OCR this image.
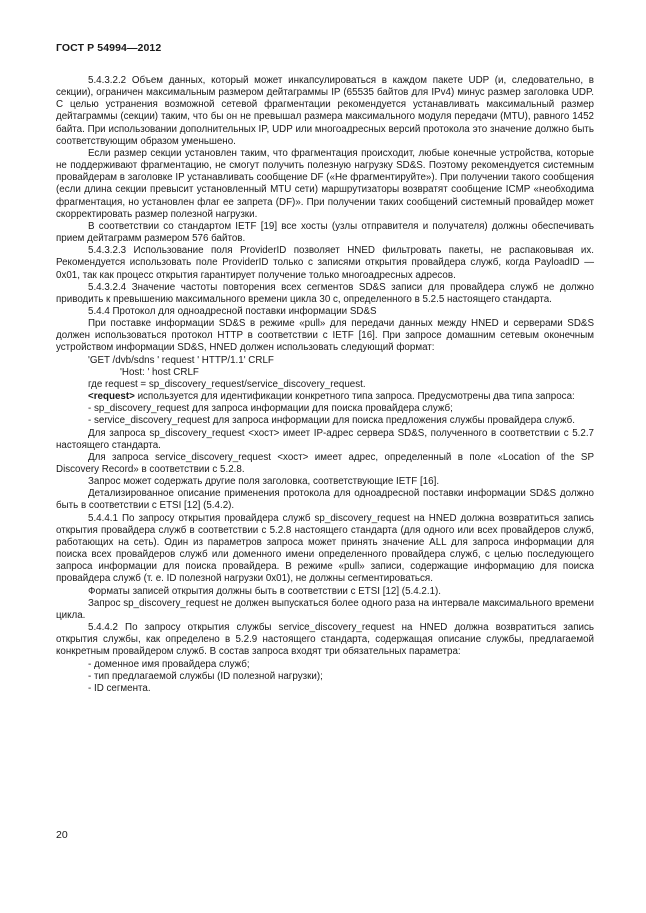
ГОСТ Р 54994—2012

5.4.3.2.2 Объем данных, который может инкапсулироваться в каждом пакете UDP (и, следовательно, в секции), ограничен максимальным размером дейтаграммы IP (65535 байтов для IPv4) минус размер заголовка UDP. С целью устранения возможной сетевой фрагментации рекомендуется устанавливать максимальный размер дейтаграммы (секции) таким, что бы он не превышал размера максимального модуля передачи (MTU), равного 1452 байта. При использовании дополнительных IP, UDP или многоадресных версий протокола это значение должно быть соответствующим образом уменьшено.

Если размер секции установлен таким, что фрагментация происходит, любые конечные устройства, которые не поддерживают фрагментацию, не смогут получить полезную нагрузку SD&S. Поэтому рекомендуется системным провайдерам в заголовке IP устанавливать сообщение DF («Не фрагментируйте»). При получении такого сообщения (если длина секции превысит установленный MTU сети) маршрутизаторы возвратят сообщение ICMP «необходима фрагментация, но установлен флаг ее запрета (DF)». При получении таких сообщений системный провайдер может скорректировать размер полезной нагрузки.

В соответствии со стандартом IETF [19] все хосты (узлы отправителя и получателя) должны обеспечивать прием дейтаграмм размером 576 байтов.

5.4.3.2.3 Использование поля ProviderID позволяет HNED фильтровать пакеты, не распаковывая их. Рекомендуется использовать поле ProviderID только с записями открытия провайдера служб, когда PayloadID — 0x01, так как процесс открытия гарантирует получение только многоадресных адресов.

5.4.3.2.4 Значение частоты повторения всех сегментов SD&S записи для провайдера служб не должно приводить к превышению максимального времени цикла 30 с, определенного в 5.2.5 настоящего стандарта.

5.4.4 Протокол для одноадресной поставки информации SD&S

При поставке информации SD&S в режиме «pull» для передачи данных между HNED и серверами SD&S должен использоваться протокол HTTP в соответствии с IETF [16]. При запросе домашним сетевым оконечным устройством информации SD&S, HNED должен использовать следующий формат:

'GET /dvb/sdns ' request ' HTTP/1.1' CRLF

'Host: ' host CRLF

где request = sp_discovery_request/service_discovery_request.

<request> используется для идентификации конкретного типа запроса. Предусмотрены два типа запроса:

- sp_discovery_request для запроса информации для поиска провайдера служб;

- service_discovery_request для запроса информации для поиска предложения службы провайдера служб.

Для запроса sp_discovery_request <хост> имеет IP-адрес сервера SD&S, полученного в соответствии с 5.2.7 настоящего стандарта.

Для запроса service_discovery_request <хост> имеет адрес, определенный в поле «Location of the SP Discovery Record» в соответствии с 5.2.8.

Запрос может содержать другие поля заголовка, соответствующие IETF [16].

Детализированное описание применения протокола для одноадресной поставки информации SD&S должно быть в соответствии с ETSI [12] (5.4.2).

5.4.4.1 По запросу открытия провайдера служб sp_discovery_request на HNED должна возвратиться запись открытия провайдера служб в соответствии с 5.2.8 настоящего стандарта (для одного или всех провайдеров служб, работающих на сеть). Один из параметров запроса может принять значение ALL для запроса информации для поиска всех провайдеров служб или доменного имени определенного провайдера служб, с целью последующего запроса информации для поиска провайдера. В режиме «pull» записи, содержащие информацию для поиска провайдера служб (т. е. ID полезной нагрузки 0x01), не должны сегментироваться.

Форматы записей открытия должны быть в соответствии с ETSI [12] (5.4.2.1).

Запрос sp_discovery_request не должен выпускаться более одного раза на интервале максимального времени цикла.

5.4.4.2 По запросу открытия службы service_discovery_request на HNED должна возвратиться запись открытия службы, как определено в 5.2.9 настоящего стандарта, содержащая описание службы, предлагаемой конкретным провайдером служб. В состав запроса входят три обязательных параметра:

- доменное имя провайдера служб;

- тип предлагаемой службы (ID полезной нагрузки);

- ID сегмента.

20
